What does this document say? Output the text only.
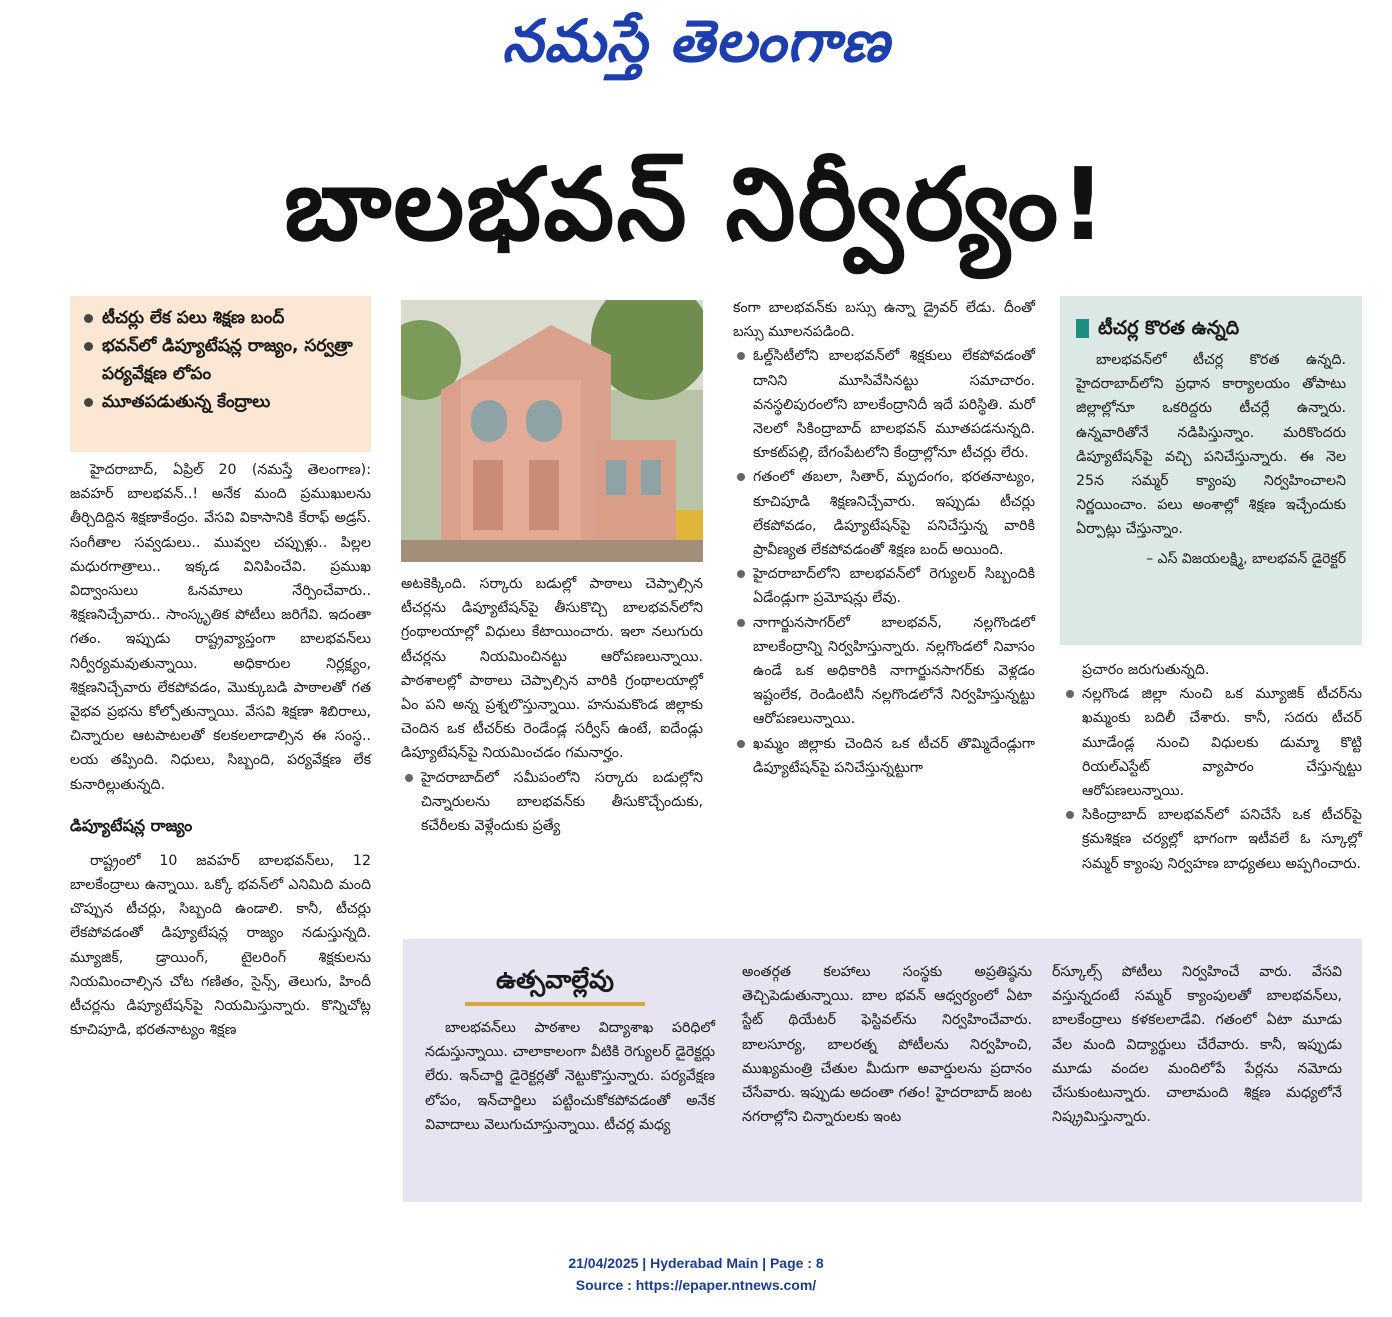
నమస్తే తెలంగాణ
బాలభవన్ నిర్వీర్యం!
టీచర్లు లేక పలు శిక్షణ బంద్
భవన్‌లో డిప్యూటేషన్ల రాజ్యం, సర్వత్రా పర్యవేక్షణ లోపం
మూతపడుతున్న కేంద్రాలు

హైదరాబాద్, ఏప్రిల్ 20 (నమస్తే తెలంగాణ): జవహర్ బాలభవన్..! అనేక మంది ప్రముఖులను తీర్చిదిద్దిన శిక్షణాకేంద్రం. వేసవి వికాసానికి కేరాఫ్ అడ్రస్. సంగీతాల సవ్వడులు.. మువ్వల చప్పుళ్లు.. పిల్లల మధురగాత్రాలు.. ఇక్కడ వినిపించేవి. ప్రముఖ విద్వాంసులు ఓనమాలు నేర్పించేవారు.. శిక్షణనిచ్చేవారు.. సాంస్కృతిక పోటీలు జరిగేవి. ఇదంతా గతం. ఇప్పుడు రాష్ట్రవ్యాప్తంగా బాలభవన్‌లు నిర్వీర్యమవుతున్నాయి. అధికారుల నిర్లక్ష్యం, శిక్షణనిచ్చేవారు లేకపోవడం, మొక్కుబడి పాఠాలతో గత వైభవ ప్రభను కోల్పోతున్నాయి. వేసవి శిక్షణా శిబిరాలు, చిన్నారుల ఆటపాటలతో కలకలలాడాల్సిన ఈ సంస్థ.. లయ తప్పింది. నిధులు, సిబ్బంది, పర్యవేక్షణ లేక కునారిల్లుతున్నది.

డిప్యూటేషన్ల రాజ్యం

రాష్ట్రంలో 10 జవహర్ బాలభవన్‌లు, 12 బాలకేంద్రాలు ఉన్నాయి. ఒక్కో భవన్‌లో ఎనిమిది మంది చొప్పున టీచర్లు, సిబ్బంది ఉండాలి. కానీ, టీచర్లు లేకపోవడంతో డిప్యూటేషన్ల రాజ్యం నడుస్తున్నది. మ్యూజిక్, డ్రాయింగ్, టైలరింగ్ శిక్షకులను నియమించాల్సిన చోట గణితం, సైన్స్, తెలుగు, హిందీ టీచర్లను డిప్యూటేషన్‌పై నియమిస్తున్నారు. కొన్నిచోట్ల కూచిపూడి, భరతనాట్యం శిక్షణ

అటకెక్కింది. సర్కారు బడుల్లో పాఠాలు చెప్పాల్సిన టీచర్లను డిప్యూటేషన్‌పై తీసుకొచ్చి బాలభవన్‌లోని గ్రంథాలయాల్లో విధులు కేటాయించారు. ఇలా నలుగురు టీచర్లను నియమించినట్టు ఆరోపణలున్నాయి. పాఠశాలల్లో పాఠాలు చెప్పాల్సిన వారికి గ్రంథాలయాల్లో ఏం పని అన్న ప్రశ్నలొస్తున్నాయి. హనుమకొండ జిల్లాకు చెందిన ఒక టీచర్‌కు రెండేండ్ల సర్వీస్ ఉంటే, ఐదేండ్లు డిప్యూటేషన్‌పై నియమించడం గమనార్హం.

హైదరాబాద్‌లో సమీపంలోని సర్కారు బడుల్లోని చిన్నారులను బాలభవన్‌కు తీసుకొచ్చేందుకు, కచేరీలకు వెళ్లేందుకు ప్రత్యే

కంగా బాలభవన్‌కు బస్సు ఉన్నా డ్రైవర్ లేడు. దీంతో బస్సు మూలనపడింది.

ఓల్డ్‌సిటీలోని బాలభవన్‌లో శిక్షకులు లేకపోవడంతో దానిని మూసివేసినట్టు సమాచారం. వనస్థలిపురంలోని బాలకేంద్రానిదీ ఇదే పరిస్థితి. మరో నెలలో సికింద్రాబాద్ బాలభవన్ మూతపడనున్నది. కూకట్‌పల్లి, బేగంపేటలోని కేంద్రాల్లోనూ టీచర్లు లేరు.

గతంలో తబలా, సితార్, మృదంగం, భరతనాట్యం, కూచిపూడి శిక్షణనిచ్చేవారు. ఇప్పుడు టీచర్లు లేకపోవడం, డిప్యూటేషన్‌పై పనిచేస్తున్న వారికి ప్రావీణ్యత లేకపోవడంతో శిక్షణ బంద్ అయింది.

హైదరాబాద్‌లోని బాలభవన్‌లో రెగ్యులర్ సిబ్బందికి ఏడేండ్లుగా ప్రమోషన్లు లేవు.

నాగార్జునసాగర్‌లో బాలభవన్, నల్లగొండలో బాలకేంద్రాన్ని నిర్వహిస్తున్నారు. నల్లగొండలో నివాసం ఉండే ఒక అధికారికి నాగార్జునసాగర్‌కు వెళ్లడం ఇష్టంలేక, రెండింటినీ నల్లగొండలోనే నిర్వహిస్తున్నట్టు ఆరోపణలున్నాయి.

ఖమ్మం జిల్లాకు చెందిన ఒక టీచర్ తొమ్మిదేండ్లుగా డిప్యూటేషన్‌పై పనిచేస్తున్నట్టుగా

టీచర్ల కొరత ఉన్నది

బాలభవన్‌లో టీచర్ల కొరత ఉన్నది. హైదరాబాద్‌లోని ప్రధాన కార్యాలయం తోపాటు జిల్లాల్లోనూ ఒకరిద్దరు టీచర్లే ఉన్నారు. ఉన్నవారితోనే నడిపిస్తున్నాం. మరికొందరు డిప్యూటేషన్‌పై వచ్చి పనిచేస్తున్నారు. ఈ నెల 25న సమ్మర్ క్యాంపు నిర్వహించాలని నిర్ణయించాం. పలు అంశాల్లో శిక్షణ ఇచ్చేందుకు ఏర్పాట్లు చేస్తున్నాం.

– ఎస్ విజయలక్ష్మి, బాలభవన్ డైరెక్టర్

ప్రచారం జరుగుతున్నది.

నల్లగొండ జిల్లా నుంచి ఒక మ్యూజిక్ టీచర్‌ను ఖమ్మంకు బదిలీ చేశారు. కానీ, సదరు టీచర్ మూడేండ్ల నుంచి విధులకు డుమ్మా కొట్టి రియల్‌ఎస్టేట్ వ్యాపారం చేస్తున్నట్టు ఆరోపణలున్నాయి.

సికింద్రాబాద్ బాలభవన్‌లో పనిచేసే ఒక టీచర్‌పై క్రమశిక్షణ చర్యల్లో భాగంగా ఇటీవలే ఓ స్కూల్లో సమ్మర్ క్యాంపు నిర్వహణ బాధ్యతలు అప్పగించారు.

ఉత్సవాల్లేవు

బాలభవన్‌లు పాఠశాల విద్యాశాఖ పరిధిలో నడుస్తున్నాయి. చాలాకాలంగా వీటికి రెగ్యులర్ డైరెక్టర్లు లేరు. ఇన్‌చార్జి డైరెక్టర్లతో నెట్టుకొస్తున్నారు. పర్యవేక్షణ లోపం, ఇన్‌చార్జిలు పట్టించుకోకపోవడంతో అనేక వివాదాలు వెలుగుచూస్తున్నాయి. టీచర్ల మధ్య

అంతర్గత కలహాలు సంస్థకు అప్రతిష్ఠను తెచ్చిపెడుతున్నాయి. బాల భవన్ ఆధ్వర్యంలో ఏటా స్టేట్ థియేటర్ ఫెస్టివల్‌ను నిర్వహించేవారు. బాలసూర్య, బాలరత్న పోటీలను నిర్వహించి, ముఖ్యమంత్రి చేతుల మీదుగా అవార్డులను ప్రదానం చేసేవారు. ఇప్పుడు అదంతా గతం! హైదరాబాద్ జంట నగరాల్లోని చిన్నారులకు ఇంట

ర్‌స్కూల్స్ పోటీలు నిర్వహించే వారు. వేసవి వస్తున్నదంటే సమ్మర్ క్యాంపులతో బాలభవన్‌లు, బాలకేంద్రాలు కళకలలాడేవి. గతంలో ఏటా మూడు వేల మంది విద్యార్థులు చేరేవారు. కానీ, ఇప్పుడు మూడు వందల మందిలోపే పేర్లను నమోదు చేసుకుంటున్నారు. చాలామంది శిక్షణ మధ్యలోనే నిష్క్రమిస్తున్నారు.

21/04/2025 | Hyderabad Main | Page : 8
Source : https://epaper.ntnews.com/
